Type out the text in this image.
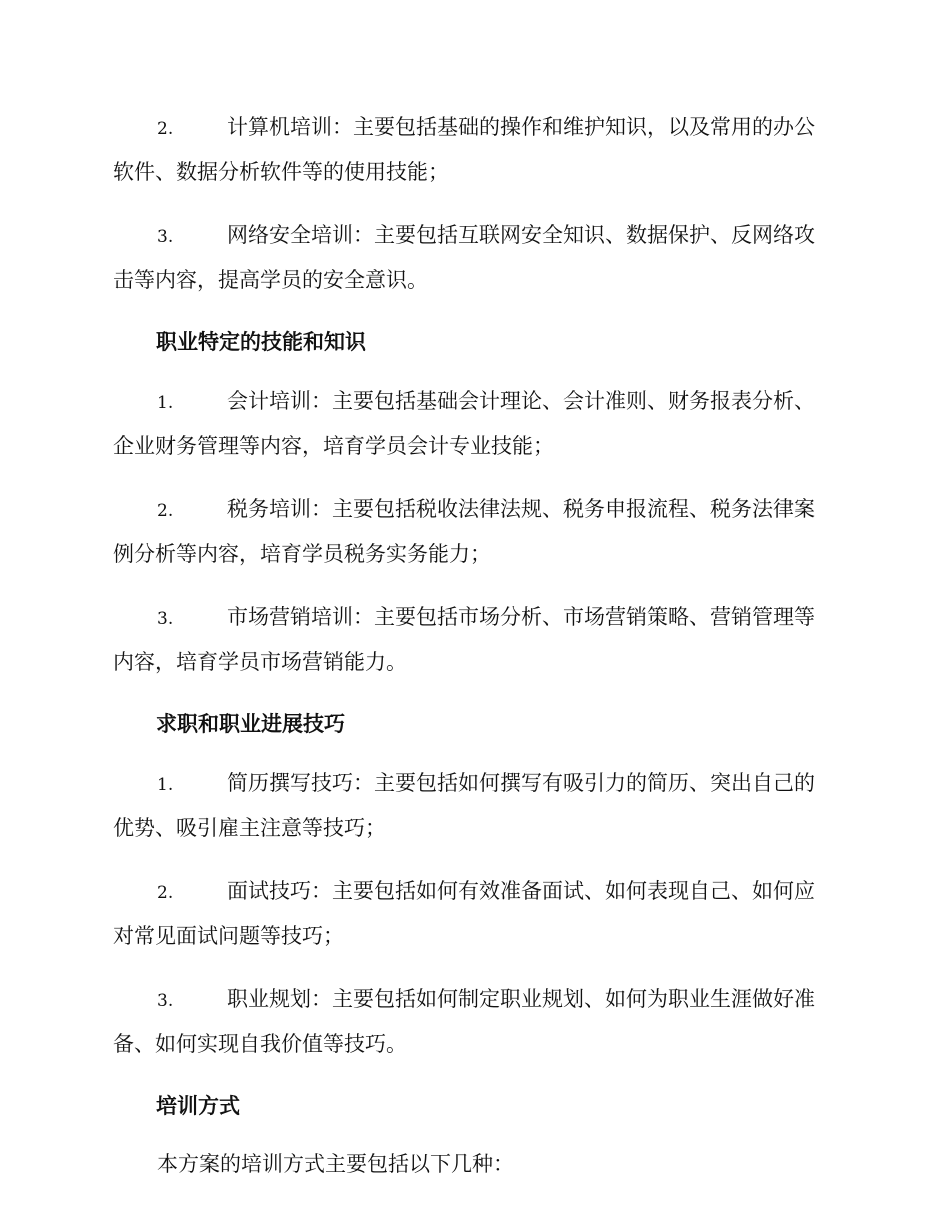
2.	计算机培训：主要包括基础的操作和维护知识，以及常用的办公软件、数据分析软件等的使用技能；
3.	网络安全培训：主要包括互联网安全知识、数据保护、反网络攻击等内容，提高学员的安全意识。
职业特定的技能和知识
1.	会计培训：主要包括基础会计理论、会计准则、财务报表分析、企业财务管理等内容，培育学员会计专业技能；
2.	税务培训：主要包括税收法律法规、税务申报流程、税务法律案例分析等内容，培育学员税务实务能力；
3.	市场营销培训：主要包括市场分析、市场营销策略、营销管理等内容，培育学员市场营销能力。
求职和职业进展技巧
1.	简历撰写技巧：主要包括如何撰写有吸引力的简历、突出自己的优势、吸引雇主注意等技巧；
2.	面试技巧：主要包括如何有效准备面试、如何表现自己、如何应对常见面试问题等技巧；
3.	职业规划：主要包括如何制定职业规划、如何为职业生涯做好准备、如何实现自我价值等技巧。
培训方式

本方案的培训方式主要包括以下几种：
